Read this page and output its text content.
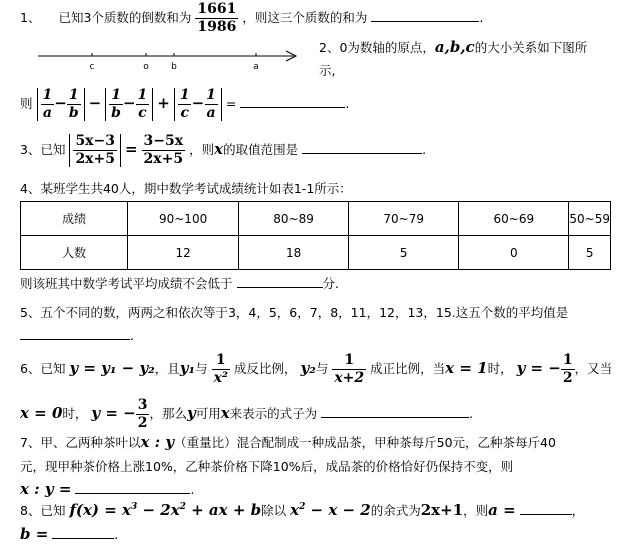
1、 已知3个质数的倒数和为 $\frac{1661}{1986}$ ，则这三个质数的和为	.
c	o b	a
2、0为数轴的原点，a,b,c的大小关系如下图所
示,
则 $\frac{1}{a} - \frac{1}{b} - \frac{1}{b} - \frac{1}{c} + \frac{1}{c} - \frac{1}{a}$ =	.
3、已知 $\frac{5x-3}{2x+5} = \frac{3-5x}{2x+5}$ ，则x的取值范围是	.
4、某班学生共40人，期中数学考试成绩统计如表1-1所示：
成绩	90~100	80~89	70~79	60~69	50~59
人数	12	18	5	0	5
则该班其中数学考试平均成绩不会低于	分.
5、五个不同的数，两两之和依次等于3，4，5，6，7，8，11，12，13，15.这五个数的平均值是
.
6、已知 y = y₁ − y₂，且y₁与 $\frac{1}{\text{x²}}$ 成反比例， y₂与 $\frac{1}{x+2}$ 成正比例，当x = 1时， y = − $\frac{1}{2}$ ，又当
x = 0时， y = − $\frac{3}{2}$ ，那么y可用x来表示的式子为	.
7、甲、乙两种茶叶以x : y（重量比）混合配制成一种成品茶，甲种茶每斤50元，乙种茶每斤40
元，现甲种茶价格上涨10%，乙种茶价格下降10%后，成品茶的价格恰好仍保持不变，则
x : y =	.
8、已知 $f(x) = x^3 - 2x^2$ + ax + b除以 $x^2 - x - 2$的余式为2x+1，则a =	，
b =	.
